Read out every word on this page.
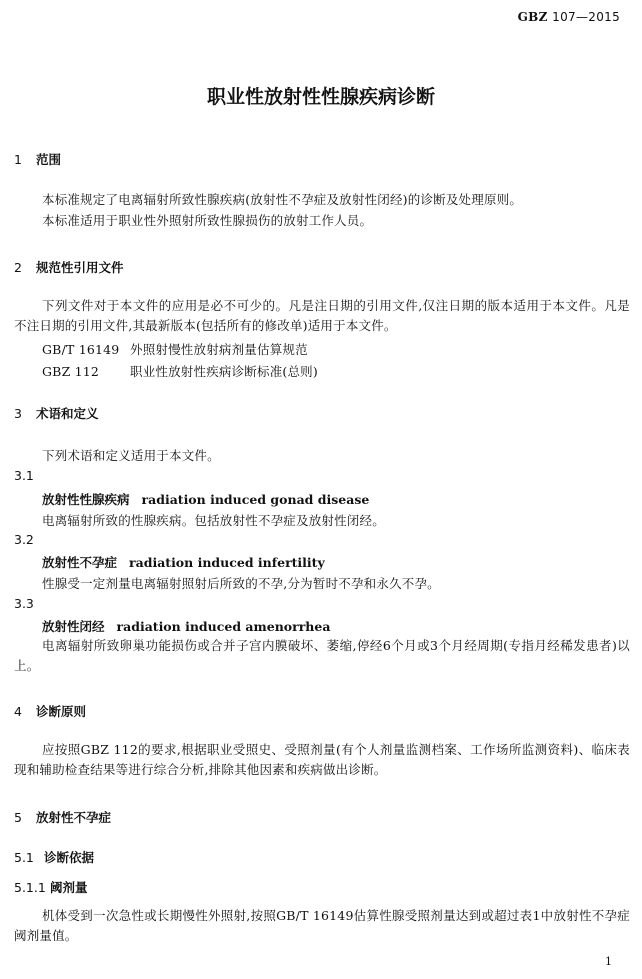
GBZ 107—2015
职业性放射性性腺疾病诊断
1 范围
本标准规定了电离辐射所致性腺疾病(放射性不孕症及放射性闭经)的诊断及处理原则。
本标准适用于职业性外照射所致性腺损伤的放射工作人员。
2 规范性引用文件
下列文件对于本文件的应用是必不可少的。凡是注日期的引用文件,仅注日期的版本适用于本文件。凡是不注日期的引用文件,其最新版本(包括所有的修改单)适用于本文件。
GB/T 16149 外照射慢性放射病剂量估算规范
GBZ 112 职业性放射性疾病诊断标准(总则)
3 术语和定义
下列术语和定义适用于本文件。
3.1
放射性性腺疾病 radiation induced gonad disease
电离辐射所致的性腺疾病。包括放射性不孕症及放射性闭经。
3.2
放射性不孕症 radiation induced infertility
性腺受一定剂量电离辐射照射后所致的不孕,分为暂时不孕和永久不孕。
3.3
放射性闭经 radiation induced amenorrhea
电离辐射所致卵巢功能损伤或合并子宫内膜破坏、萎缩,停经6个月或3个月经周期(专指月经稀发患者)以上。
4 诊断原则
应按照GBZ 112的要求,根据职业受照史、受照剂量(有个人剂量监测档案、工作场所监测资料)、临床表现和辅助检查结果等进行综合分析,排除其他因素和疾病做出诊断。
5 放射性不孕症
5.1 诊断依据
5.1.1 阈剂量
机体受到一次急性或长期慢性外照射,按照GB/T 16149估算性腺受照剂量达到或超过表1中放射性不孕症阈剂量值。
1
